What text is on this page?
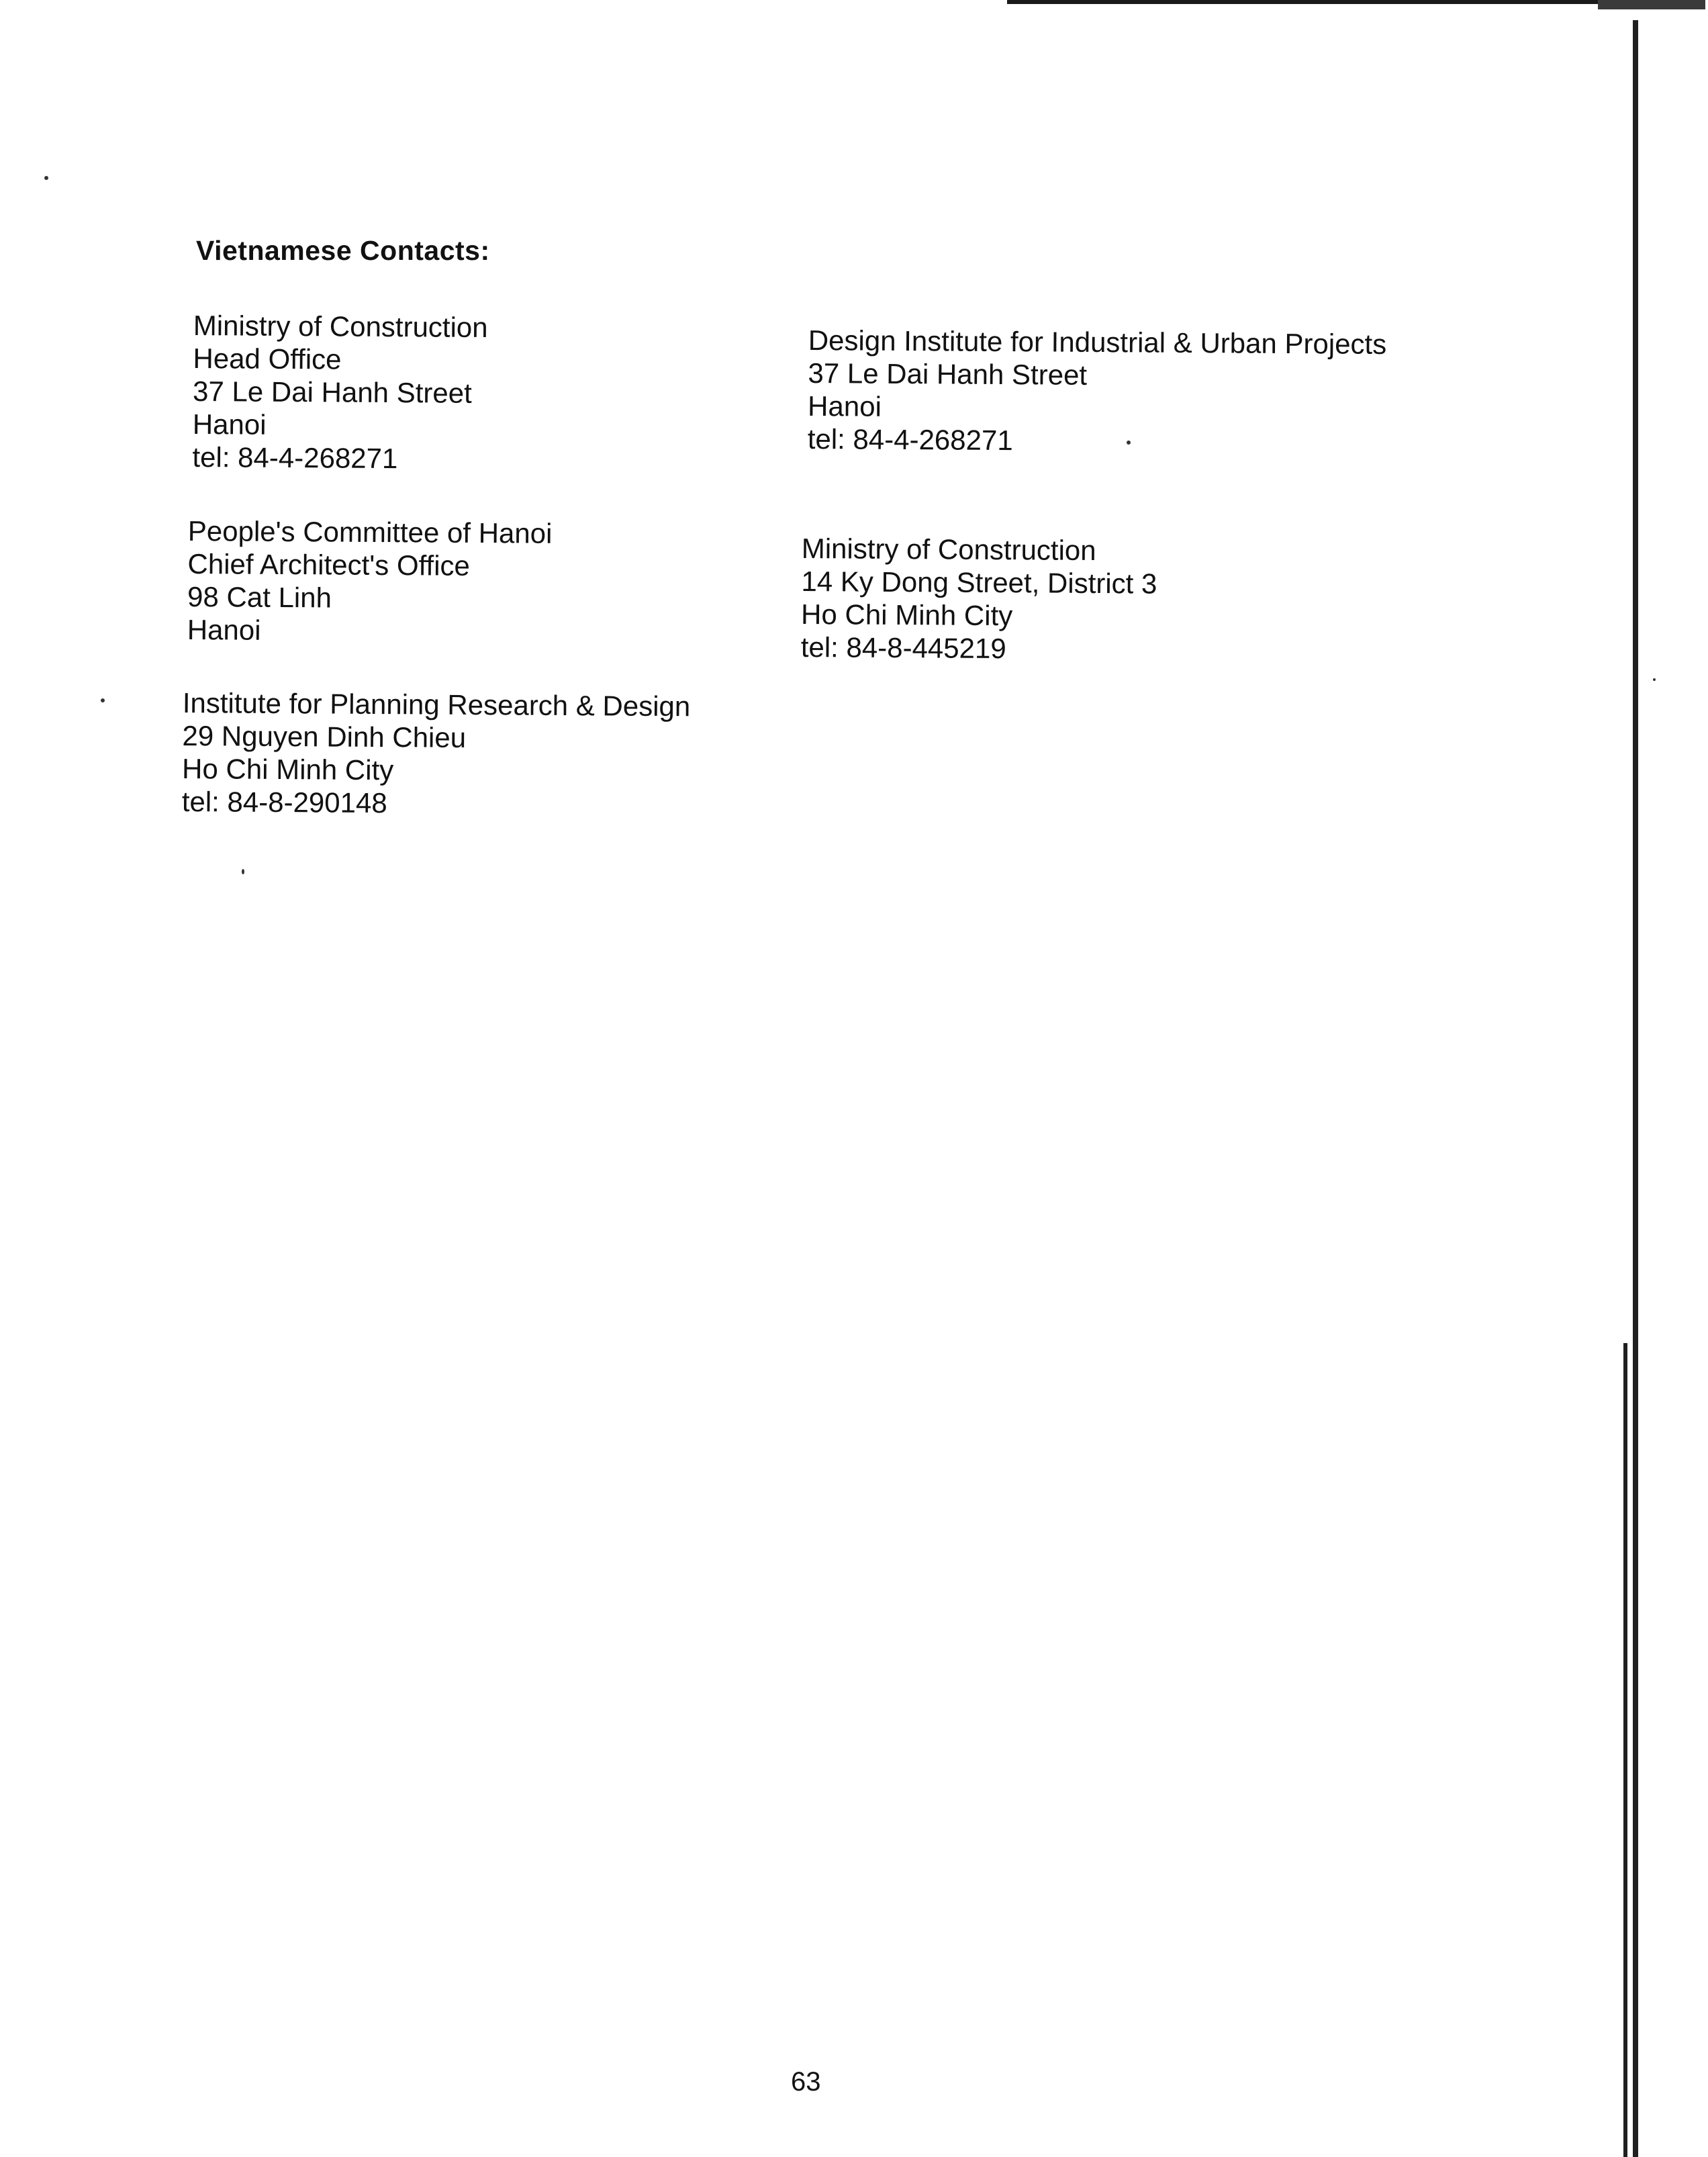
Vietnamese Contacts:
Ministry of Construction
Head Office
37 Le Dai Hanh Street
Hanoi
tel: 84-4-268271
People's Committee of Hanoi
Chief Architect's Office
98 Cat Linh
Hanoi
Institute for Planning Research & Design
29 Nguyen Dinh Chieu
Ho Chi Minh City
tel: 84-8-290148
Design Institute for Industrial & Urban Projects
37 Le Dai Hanh Street
Hanoi
tel: 84-4-268271
Ministry of Construction
14 Ky Dong Street, District 3
Ho Chi Minh City
tel: 84-8-445219
63
